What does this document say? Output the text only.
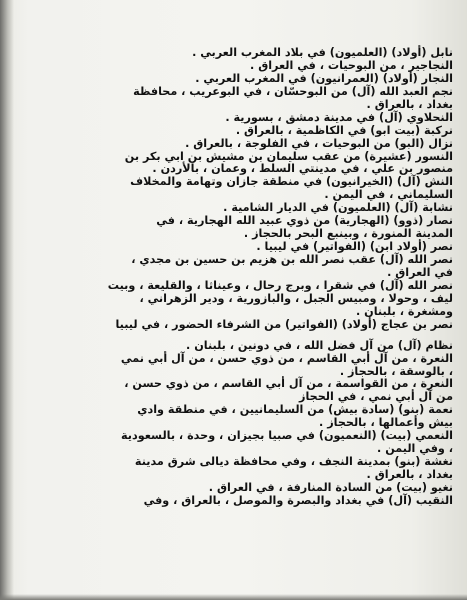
نابل (أولاد) (العلميون) في بلاد المغرب العربي .
النجاجير ، من البوحيات ، في العراق .
النجار (أولاد) (العمرانيون) في المغرب العربي .
نجم العبد الله (آل) من البوحسّان ، في البوعريب ، محافظة
بغداد ، بالعراق .
النحلاوي (آل) في مدينة دمشق ، بسورية .
نركبة (بيت ابو) في الكاظمية ، بالعراق .
نزال (البو) من البوحيات ، في الفلوجة ، بالعراق .
النسور (عشيرة) من عقب سليمان بن مشيش بن ابي بكر بن
منصور بن علي ، في مدينتي السلط ، وعمان ، بالأردن .
النش (آل) (الخيرانيون) في منطقة جازان وتهامة والمخلاف
السليماني ، في اليمن .
نشابة (آل) (العلميون) في الديار الشامية .
نصار (ذوو) (الهجارية) من ذوي عبيد الله الهجارية ، في
المدينة المنورة ، وبينبع البحر بالحجاز .
نصر (أولاد ابن) (الفواتير) في ليبيا .
نصر الله (آل) عقب نصر الله بن هزيم بن حسين بن مجدي ،
في العراق .
نصر الله (آل) في شقرا ، وبرج رحال ، وعيناثا ، والقليعة ، وبيت
ليف ، وحولا ، ومبيس الجبل ، والبازورية ، ودير الزهراني ،
ومشغرة ، بلبنان .
نصر بن عجاج (أولاد) (الفواتير) من الشرفاء الحضور ، في ليبيا
نظام (آل) من آل فضل الله ، في دونين ، بلبنان .
النعرة ، من آل أبي القاسم ، من ذوي حسن ، من آل أبي نمي
، بالوسقة ، بالحجاز .
النعرة ، من القواسمة ، من آل أبي القاسم ، من ذوي حسن ،
من آل أبي نمي ، في الحجاز
نعمة (بنو) (سادة بيش) من السليمانيين ، في منطقة وادي
بيش وأعمالها ، بالحجاز .
النعمي (بيت) (النعميون) في صبيا بجيزان ، وحدة ، بالسعودية
، وفي اليمن .
نغشة (بنو) بمدينة النجف ، وفي محافظة ديالى شرق مدينة
بغداد ، بالعراق .
نغيو (بيت) من السادة المنارفة ، في العراق .
النقيب (آل) في بغداد والبصرة والموصل ، بالعراق ، وفي
